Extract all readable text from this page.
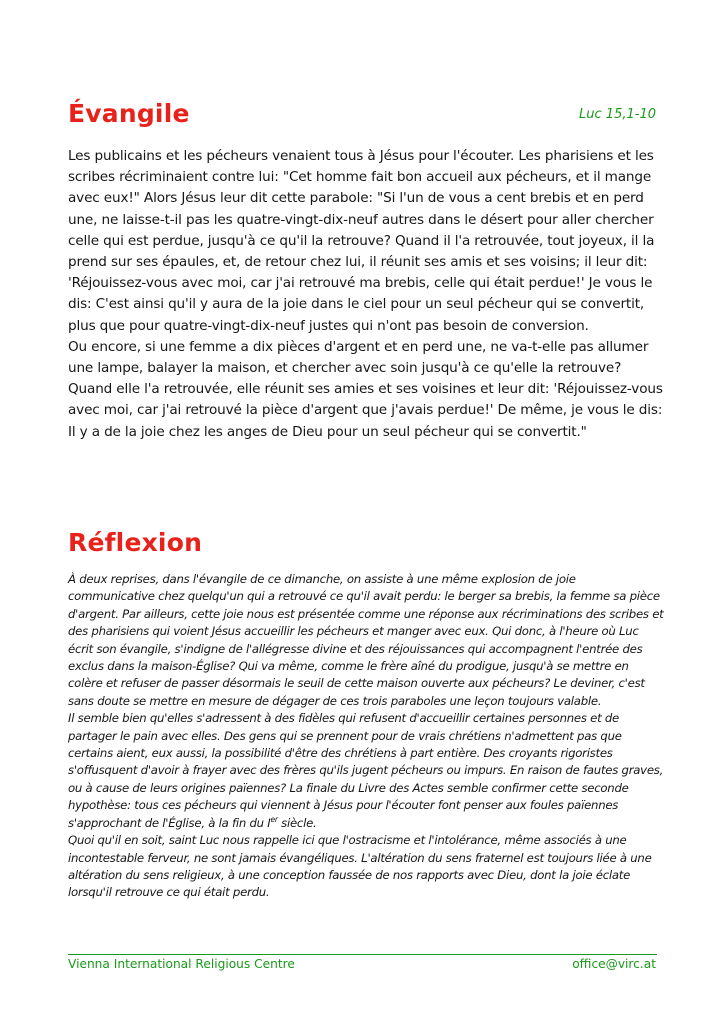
Évangile	Luc 15,1-10

Les publicains et les pécheurs venaient tous à Jésus pour l'écouter. Les pharisiens et les scribes récriminaient contre lui: "Cet homme fait bon accueil aux pécheurs, et il mange avec eux!" Alors Jésus leur dit cette parabole: "Si l'un de vous a cent brebis et en perd une, ne laisse-t-il pas les quatre-vingt-dix-neuf autres dans le désert pour aller chercher celle qui est perdue, jusqu'à ce qu'il la retrouve? Quand il l'a retrouvée, tout joyeux, il la prend sur ses épaules, et, de retour chez lui, il réunit ses amis et ses voisins; il leur dit: 'Réjouissez-vous avec moi, car j'ai retrouvé ma brebis, celle qui était perdue!' Je vous le dis: C'est ainsi qu'il y aura de la joie dans le ciel pour un seul pécheur qui se convertit, plus que pour quatre-vingt-dix-neuf justes qui n'ont pas besoin de conversion.

Ou encore, si une femme a dix pièces d'argent et en perd une, ne va-t-elle pas allumer une lampe, balayer la maison, et chercher avec soin jusqu'à ce qu'elle la retrouve? Quand elle l'a retrouvée, elle réunit ses amies et ses voisines et leur dit: 'Réjouissez-vous avec moi, car j'ai retrouvé la pièce d'argent que j'avais perdue!' De même, je vous le dis: Il y a de la joie chez les anges de Dieu pour un seul pécheur qui se convertit."

Réflexion

À deux reprises, dans l'évangile de ce dimanche, on assiste à une même explosion de joie communicative chez quelqu'un qui a retrouvé ce qu'il avait perdu: le berger sa brebis, la femme sa pièce d'argent. Par ailleurs, cette joie nous est présentée comme une réponse aux récriminations des scribes et des pharisiens qui voient Jésus accueillir les pécheurs et manger avec eux. Qui donc, à l'heure où Luc écrit son évangile, s'indigne de l'allégresse divine et des réjouissances qui accompagnent l'entrée des exclus dans la maison-Église? Qui va même, comme le frère aîné du prodigue, jusqu'à se mettre en colère et refuser de passer désormais le seuil de cette maison ouverte aux pécheurs? Le deviner, c'est sans doute se mettre en mesure de dégager de ces trois paraboles une leçon toujours valable.

Il semble bien qu'elles s'adressent à des fidèles qui refusent d'accueillir certaines personnes et de partager le pain avec elles. Des gens qui se prennent pour de vrais chrétiens n'admettent pas que certains aient, eux aussi, la possibilité d'être des chrétiens à part entière. Des croyants rigoristes s'offusquent d'avoir à frayer avec des frères qu'ils jugent pécheurs ou impurs. En raison de fautes graves, ou à cause de leurs origines païennes? La finale du Livre des Actes semble confirmer cette seconde hypothèse: tous ces pécheurs qui viennent à Jésus pour l'écouter font penser aux foules païennes s'approchant de l'Église, à la fin du Ier siècle.

Quoi qu'il en soit, saint Luc nous rappelle ici que l'ostracisme et l'intolérance, même associés à une incontestable ferveur, ne sont jamais évangéliques. L'altération du sens fraternel est toujours liée à une altération du sens religieux, à une conception faussée de nos rapports avec Dieu, dont la joie éclate lorsqu'il retrouve ce qui était perdu.

Vienna International Religious Centre	office@virc.at
